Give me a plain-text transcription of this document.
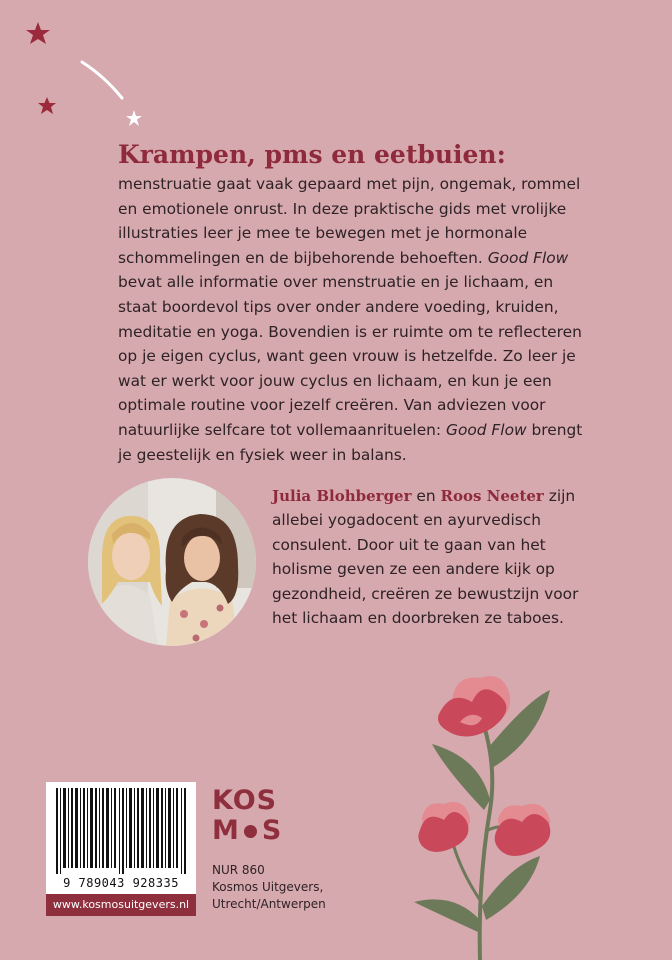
Krampen, pms en eetbuien:

menstruatie gaat vaak gepaard met pijn, ongemak, rommel en emotionele onrust. In deze praktische gids met vrolijke illustraties leer je mee te bewegen met je hormonale schommelingen en de bijbehorende behoeften. Good Flow bevat alle informatie over menstruatie en je lichaam, en staat boordevol tips over onder andere voeding, kruiden, meditatie en yoga. Bovendien is er ruimte om te reflecteren op je eigen cyclus, want geen vrouw is hetzelfde. Zo leer je wat er werkt voor jouw cyclus en lichaam, en kun je een optimale routine voor jezelf creëren. Van adviezen voor natuurlijke selfcare tot vollemaanrituelen: Good Flow brengt je geestelijk en fysiek weer in balans.

Julia Blohberger en Roos Neeter zijn allebei yogadocent en ayurvedisch consulent. Door uit te gaan van het holisme geven ze een andere kijk op gezondheid, creëren ze bewustzijn voor het lichaam en doorbreken ze taboes.

9 789043 928335
www.kosmosuitgevers.nl
KOS
M S
NUR 860
Kosmos Uitgevers,
Utrecht/Antwerpen
